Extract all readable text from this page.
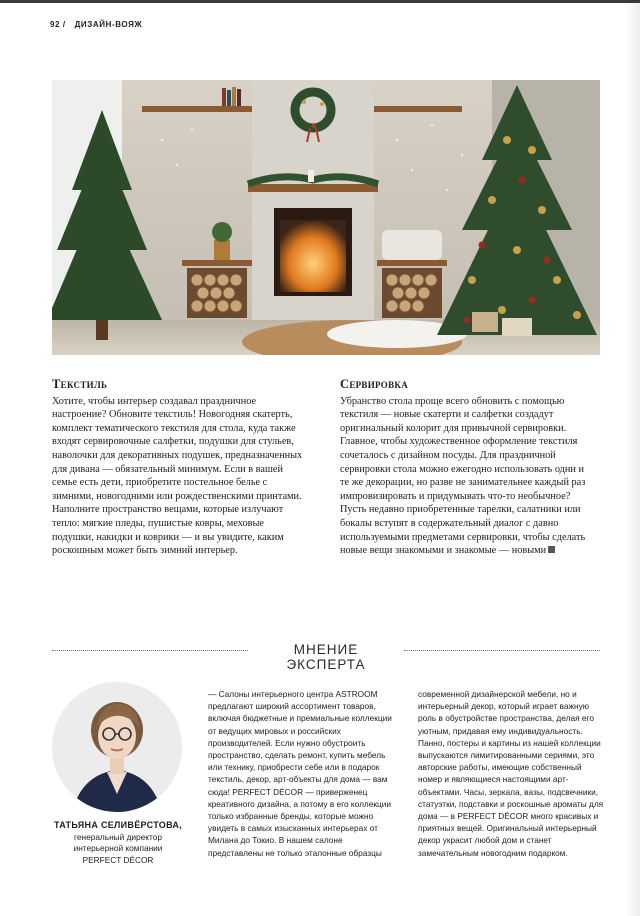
92 / ДИЗАЙН-ВОЯЖ
Текстиль

Хотите, чтобы интерьер создавал праздничное настроение? Обновите текстиль! Новогодняя скатерть, комплект тематического текстиля для стола, куда также входят сервировочные салфетки, подушки для стульев, наволочки для декоративных подушек, предназначенных для дивана — обязательный минимум. Если в вашей семье есть дети, приобретите постельное белье с зимними, новогодними или рождественскими принтами. Наполните пространство вещами, которые излучают тепло: мягкие пледы, пушистые ковры, меховые подушки, накидки и коврики — и вы увидите, каким роскошным может быть зимний интерьер.

Сервировка

Убранство стола проще всего обновить с помощью текстиля — новые скатерти и салфетки создадут оригинальный колорит для привычной сервировки. Главное, чтобы художественное оформление текстиля сочеталось с дизайном посуды. Для праздничной сервировки стола можно ежегодно использовать одни и те же декорации, но разве не занимательнее каждый раз импровизировать и придумывать что-то необычное? Пусть недавно приобретенные тарелки, салатники или бокалы вступят в содержательный диалог с давно используемыми предметами сервировки, чтобы сделать новые вещи знакомыми и знакомые — новыми

МНЕНИЕ ЭКСПЕРТА
ТАТЬЯНА СЕЛИВЁРСТОВА,
генеральный директор
интерьерной компании
PERFECT DÉCOR

— Салоны интерьерного центра ASTROOM предлагают широкий ассортимент товаров, включая бюджетные и премиальные коллекции от ведущих мировых и российских производителей. Если нужно обустроить пространство, сделать ремонт, купить мебель или технику, приобрести себе или в подарок текстиль, декор, арт-объекты для дома — вам сюда! PERFECT DÉCOR — приверженец креативного дизайна, а потому в его коллекции только избранные бренды, которые можно увидеть в самых изысканных интерьерах от Милана до Токио. В нашем салоне представлены не только эталонные образцы

современной дизайнерской мебели, но и интерьерный декор, который играет важную роль в обустройстве пространства, делая его уютным, придавая ему индивидуальность. Панно, постеры и картины из нашей коллекции выпускаются лимитированными сериями, это авторские работы, имеющие собственный номер и являющиеся настоящими арт-объектами. Часы, зеркала, вазы, подсвечники, статуэтки, подставки и роскошные ароматы для дома — в PERFECT DÉCOR много красивых и приятных вещей. Оригинальный интерьерный декор украсит любой дом и станет замечательным новогодним подарком.
